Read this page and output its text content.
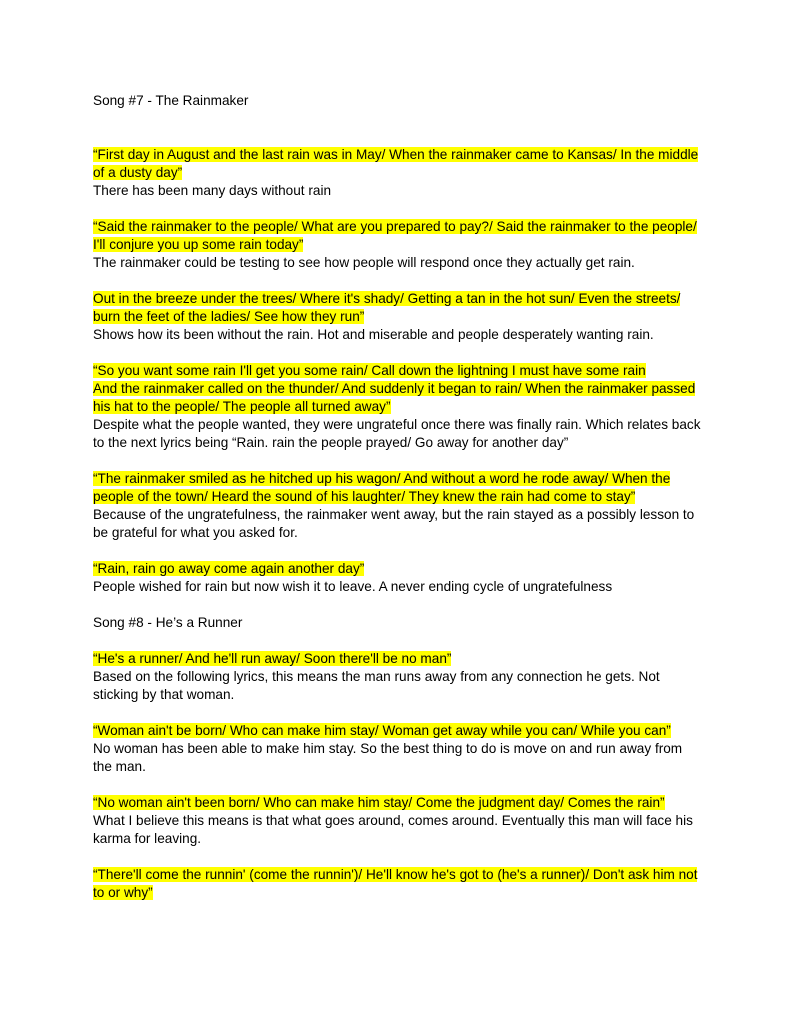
Song #7 - The Rainmaker

“First day in August and the last rain was in May/ When the rainmaker came to Kansas/ In the middle of a dusty day”

There has been many days without rain

“Said the rainmaker to the people/ What are you prepared to pay?/ Said the rainmaker to the people/ I'll conjure you up some rain today”

The rainmaker could be testing to see how people will respond once they actually get rain.

Out in the breeze under the trees/ Where it's shady/ Getting a tan in the hot sun/ Even the streets/ burn the feet of the ladies/ See how they run”

Shows how its been without the rain. Hot and miserable and people desperately wanting rain.

“So you want some rain I'll get you some rain/ Call down the lightning I must have some rain

And the rainmaker called on the thunder/ And suddenly it began to rain/ When the rainmaker passed his hat to the people/ The people all turned away”

Despite what the people wanted, they were ungrateful once there was finally rain. Which relates back to the next lyrics being “Rain. rain the people prayed/ Go away for another day”

“The rainmaker smiled as he hitched up his wagon/ And without a word he rode away/ When the people of the town/ Heard the sound of his laughter/ They knew the rain had come to stay”

Because of the ungratefulness, the rainmaker went away, but the rain stayed as a possibly lesson to be grateful for what you asked for.

“Rain, rain go away come again another day”

People wished for rain but now wish it to leave. A never ending cycle of ungratefulness

Song #8 - He’s a Runner

“He's a runner/ And he'll run away/ Soon there'll be no man”

Based on the following lyrics, this means the man runs away from any connection he gets. Not sticking by that woman.

“Woman ain't be born/ Who can make him stay/ Woman get away while you can/ While you can”

No woman has been able to make him stay. So the best thing to do is move on and run away from the man.

“No woman ain't been born/ Who can make him stay/ Come the judgment day/ Comes the rain”

What I believe this means is that what goes around, comes around. Eventually this man will face his karma for leaving.

“There'll come the runnin' (come the runnin')/ He'll know he's got to (he's a runner)/ Don't ask him not to or why”
